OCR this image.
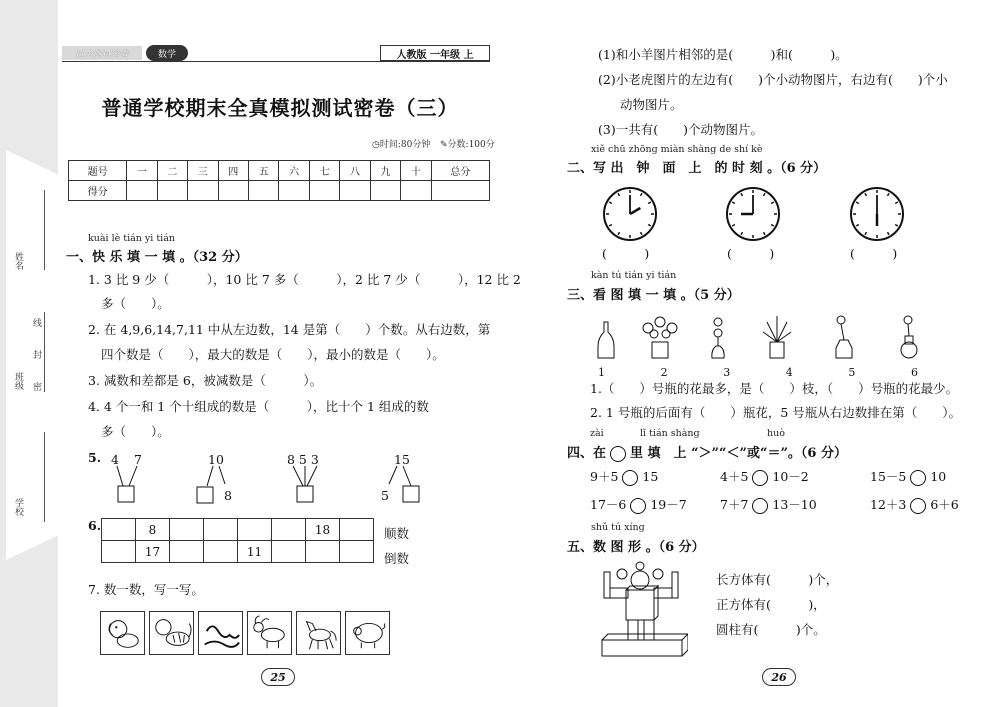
姓名
班级
学校
线
封
密
过关测试密卷	数学	人教版 一年级 上
普通学校期末全真模拟测试密卷（三）
◷时间:80分钟 ✎分数:100分
题号	一	二	三	四	五	六	七	八	九	十	总分
得分											
kuài lè tián yi tián
一、快 乐 填 一 填 。（32 分）
1. 3 比 9 少（　　　），10 比 7 多（　　　），2 比 7 少（　　　），12 比 2
多（　　）。
2. 在 4,9,6,14,7,11 中从左边数，14 是第（　　）个数。从右边数，第
四个数是（　　），最大的数是（　　），最小的数是（　　）。
3. 减数和差都是 6，被减数是（　　　）。
4. 4 个一和 1 个十组成的数是（　　　），比十个 1 组成的数
多（　　）。
5. 4 7	10
8
8 5 3	15
5
6.
		8					18	
	17			11			
顺数
倒数
7. 数一数，写一写。
25
(1)和小羊图片相邻的是(　　　)和(　　　)。
(2)小老虎图片的左边有(　　)个小动物图片，右边有(　　)个小
动物图片。
(3)一共有(　　)个动物图片。
xiě chū zhōng miàn shàng de shí kè
二、写 出　钟　面　上　的 时 刻 。（6 分）
(　　　)	(　　　)	(　　　)
kàn tú tián yi tián
三、看 图 填 一 填 。（5 分）
1	2	3	4	5	6
1.（　　）号瓶的花最多，是（　　）枝，（　　）号瓶的花最少。
2. 1 号瓶的后面有（　　）瓶花，5 号瓶从右边数排在第（　　）。
zài	lǐ tián shàng	huò
四、在 里 填　上 “＞”“＜”或“＝”。（6 分）
9＋5 15	4＋5 10－2	15－5 10
17－6 19－7	7＋7 13－10	12＋3 6＋6
shǔ tú xíng
五、数 图 形 。（6 分）
长方体有(　　　)个，
正方体有(　　　)，
圆柱有(　　　)个。
26
